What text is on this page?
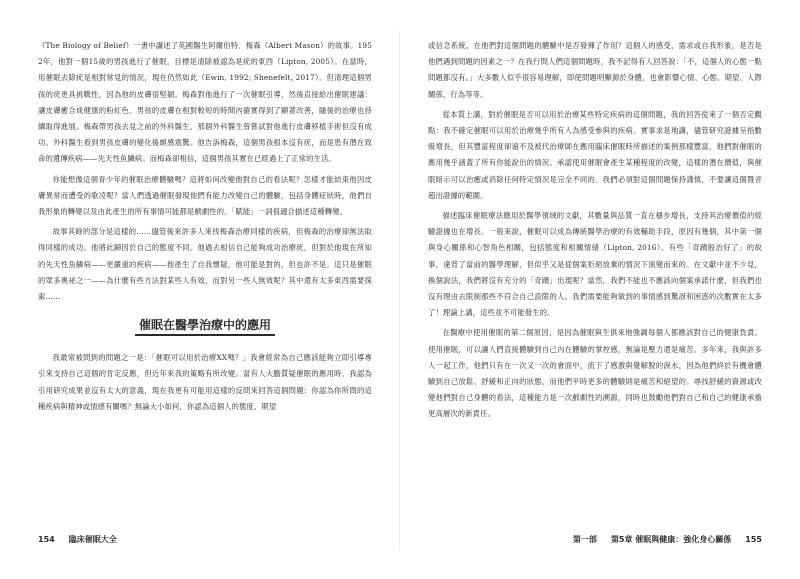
（The Biology of Belief）一書中講述了英國醫生阿爾伯特．梅森（Albert Mason）的故事。1952年，他對一個15歲的男孩進行了催眠，目標是清除被認為是疣的東西（Lipton, 2005）。在當時，用催眠去除疣是相對常見的情況，現在仍然如此（Ewin, 1992; Shenefelt, 2017）。但清理這個男孩的疣更具挑戰性，因為他的皮膚很堅韌。梅森對他進行了一次催眠引導，然後直接給出催眠建議：讓皮膚癒合成健康的粉紅色。男孩的皮膚在相對較短的時間內確實得到了顯著改善，隨後的治療也持續取得進展。梅森帶男孩去見之前的外科醫生，那個外科醫生曾嘗試對他進行皮膚移植手術但沒有成功。外科醫生看到男孩皮膚的變化後頗感震驚。他告訴梅森，這個男孩根本沒有疣，而是患有潛在致命的遺傳疾病——先天性魚鱗病。而梅森卻相信，這個男孩其實在已經過上了正常的生活。

你能想像這個青少年的催眠治療體驗嗎？這將如何改變他對自己的看法呢？怎樣才能結束他因皮膚異常而遭受的歌凌呢？當人們透過催眠發現他們有能力改變自己的體驗，包括身體症狀時，他們自我形象的轉變以及由此產生的所有事情可能都是戲劇性的。「賦能」一詞很適合描述這種轉變。

故事其餘的部分是這樣的……儘管後來許多人來找梅森治療同樣的疾病，但梅森的治療卻無法取得同樣的成功。他將此歸因於自己的態度不同。他過去相信自己能夠成功治療疣，但對於他現在所知的先天性魚鱗病——更嚴重的疾病——他產生了自我懷疑，他可能是對的，但也許不是。這只是催眠的眾多奧祕之一——為什麼有些方法對某些人有效，而對另一些人無效呢？其中還有太多東西需要探索……

催眠在醫學治療中的應用

我最常被問到的問題之一是：「催眠可以用於治療XX嗎？」我會經常為自己應該能夠立即引導專引來支持自己這個的肯定反應，但近年來我的策略有所改變。當有人大膽質疑催眠的應用時，我認為引用研究成果並沒有太大的意義，現在我更有可能用這樣的反問來回答這個問題：你認為你所問的這種疾病與精神或情感有關嗎？無論大小如何，你認為這個人的態度、期望

或信念系統，在他們對這個問題的體驗中是否發揮了作用？這個人的感受，需求或自我形象，是否是他們遇到問題的因素之一？在我行問人們這個問題時，我不記得有人回答說：「不，這個人的心態一點問題都沒有。」大多數人似乎很容易理解，即使問題明顯源於身體，也會影響心情、心態、期望、人際關係、行為等等。

從本質上講，對於催眠是否可以用於治療某些特定疾病的這個問題，我的回答從來了一個否定觀點：我不確定催眠可以用於治療幾乎所有人為感受參與的疾病。實事求是地講，儘管研究證據呈指數級增長，但其豐富程度卻遠不及被代治療師在應用臨床催眠時所描述的案例那樣豐富，他們對催眠的應用幾乎涵蓋了所有你能說出的情況。承認使用催眠會產生某種程度的改變，這樣的潛在價值，與催眠暗示可以治癒或消除任何特定情況是完全不同的。我們必須對這個問題保持謹慎，不要讓這個暨音超出證據的範圍。

描述臨床催眠療法應用於醫學領域的文獻，其數量與品質一直在穩步增長，支持其治療價值的經驗證據也在增長。一般來說，催眠可以成為傳統醫學治療的有效輔助手段，原因有幾個，其中第一個與身心關係和心智角色相關，包括態度和相關情緒（Lipton, 2016）。有些「奇蹟般治好了」的故事，違背了當前的醫學理解，但似乎又是從個案拒絕放棄的情況下演變而來的。在文獻中並不少見，換個說法，我們將沒有充分的「奇蹟」出現呢？當然，我們不能也不應該向個案承諾什麼，但我們也沒有理由去限制那些不符合自己設限的人。我們需要能夠做到的事情感到驚訝和困惑的次數實在太多了！理論上講，這些並不可能發生的。

在醫療中使用催眠的第二個原因，是因為催眠與生俱來地強調每個人都應該對自己的健康負責。使用催眠，可以讓人們直接體驗到自己內在體驗的掌控感，無論是壓力還是痛苦。多年來，我與許多人一起工作，他們只有在一次又一次的會面中，流下了感激與覺解脫的淚水，因為他們終於有機會體驗到自己放鬆、舒緩和正向的狀態，而他們平時更多的體驗則是痛苦和絕望的。尋找舒緩的資源或改變他們對自己身體的看法，這種能力是一次戲劇性的溯源，同時也鼓勵他們對自己和自己的健康承擔更高層次的新責任。

154 臨床催眠大全	第一部 第5章 催眠與健康：強化身心關係 155
